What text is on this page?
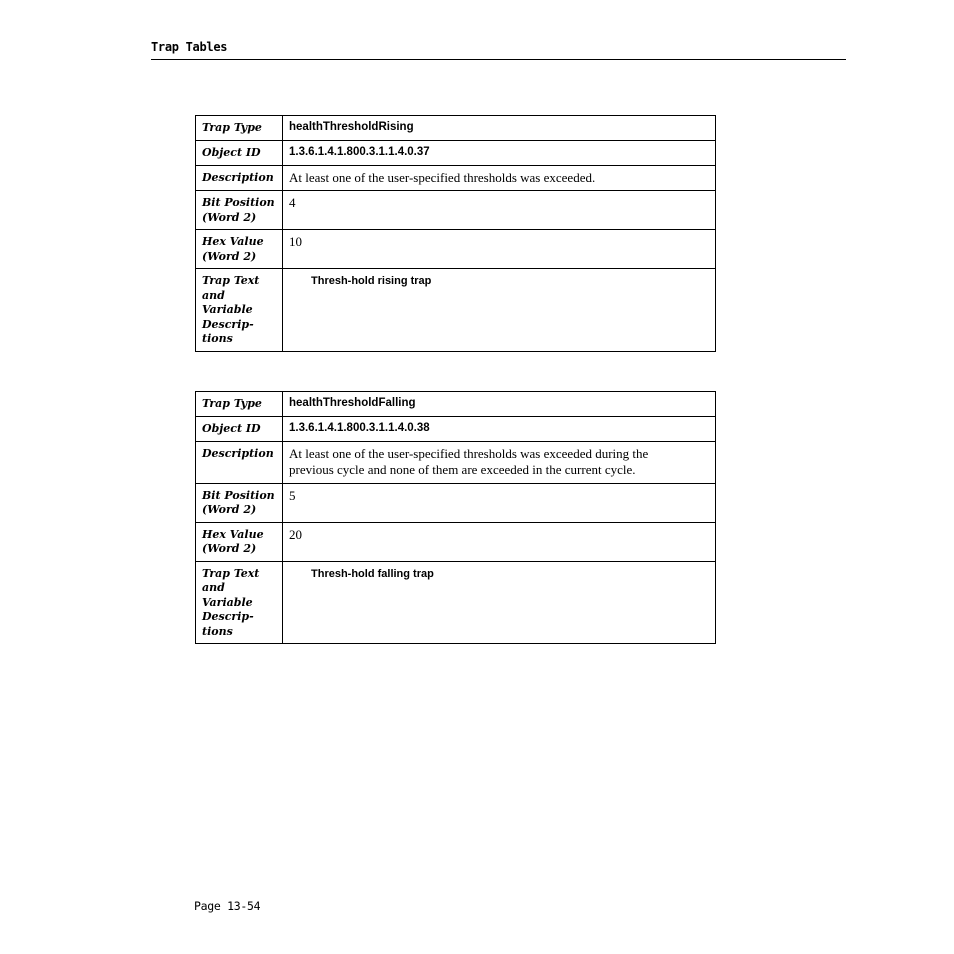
Trap Tables
Trap Type	healthThresholdRising
Object ID	1.3.6.1.4.1.800.3.1.1.4.0.37
Description	At least one of the user-specified thresholds was exceeded.

Bit Position
(Word 2)	4

Hex Value
(Word 2)	10

Trap Text
and
Variable
Descrip-
tions	Thresh-hold rising trap
Trap Type	healthThresholdFalling
Object ID	1.3.6.1.4.1.800.3.1.1.4.0.38
Description	At least one of the user-specified thresholds was exceeded during the
previous cycle and none of them are exceeded in the current cycle.

Bit Position
(Word 2)	5

Hex Value
(Word 2)	20

Trap Text
and
Variable
Descrip-
tions	Thresh-hold falling trap
Page 13-54
